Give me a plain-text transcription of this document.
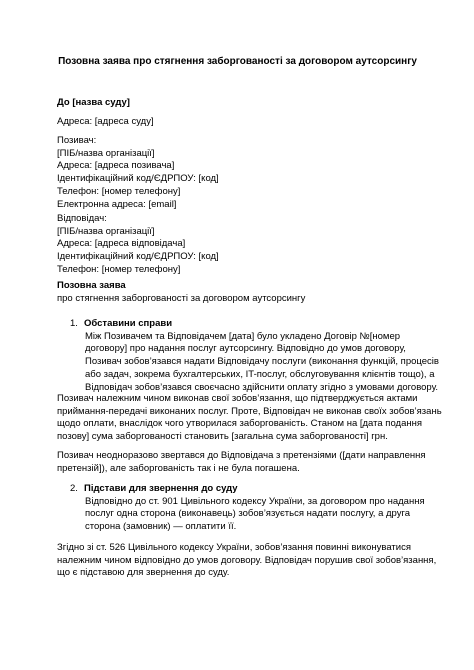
Позовна заява про стягнення заборгованості за договором аутсорсингу
До [назва суду]
Адреса: [адреса суду]
Позивач:
[ПІБ/назва організації]
Адреса: [адреса позивача]
Ідентифікаційний код/ЄДРПОУ: [код]
Телефон: [номер телефону]
Електронна адреса: [email]
Відповідач:
[ПІБ/назва організації]
Адреса: [адреса відповідача]
Ідентифікаційний код/ЄДРПОУ: [код]
Телефон: [номер телефону]
Позовна заява
про стягнення заборгованості за договором аутсорсингу
1. Обставини справи
Між Позивачем та Відповідачем [дата] було укладено Договір №[номер
договору] про надання послуг аутсорсингу. Відповідно до умов договору,
Позивач зобов’язався надати Відповідачу послуги (виконання функцій, процесів
або задач, зокрема бухгалтерських, IT-послуг, обслуговування клієнтів тощо), а
Відповідач зобов’язався своєчасно здійснити оплату згідно з умовами договору.
Позивач належним чином виконав свої зобов’язання, що підтверджується актами
приймання-передачі виконаних послуг. Проте, Відповідач не виконав своїх зобов’язань
щодо оплати, внаслідок чого утворилася заборгованість. Станом на [дата подання
позову] сума заборгованості становить [загальна сума заборгованості] грн.
Позивач неодноразово звертався до Відповідача з претензіями ([дати направлення
претензій]), але заборгованість так і не була погашена.
2. Підстави для звернення до суду
Відповідно до ст. 901 Цивільного кодексу України, за договором про надання
послуг одна сторона (виконавець) зобов’язується надати послугу, а друга
сторона (замовник) — оплатити її.
Згідно зі ст. 526 Цивільного кодексу України, зобов’язання повинні виконуватися
належним чином відповідно до умов договору. Відповідач порушив свої зобов’язання,
що є підставою для звернення до суду.
